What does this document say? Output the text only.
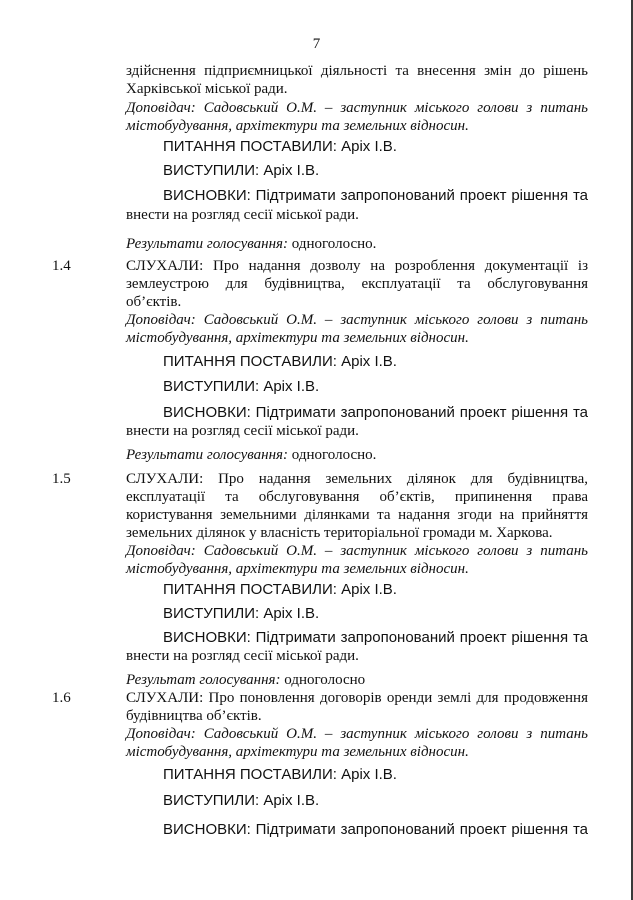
7
здійснення підприємницької діяльності та внесення змін до рішень
Харківської міської ради.
Доповідач: Садовський О.М. – заступник міського голови з питань
містобудування, архітектури та земельних відносин.
ПИТАННЯ ПОСТАВИЛИ: Аріх І.В.
ВИСТУПИЛИ: Аріх І.В.
ВИСНОВКИ: Підтримати запропонований проект рішення та
внести на розгляд сесії міської ради.
Результати голосування: одноголосно.
1.4	СЛУХАЛИ: Про надання дозволу на розроблення документації із
землеустрою для будівництва, експлуатації та обслуговування
об’єктів.
Доповідач: Садовський О.М. – заступник міського голови з питань
містобудування, архітектури та земельних відносин.
ПИТАННЯ ПОСТАВИЛИ: Аріх І.В.
ВИСТУПИЛИ: Аріх І.В.
ВИСНОВКИ: Підтримати запропонований проект рішення та
внести на розгляд сесії міської ради.
Результати голосування: одноголосно.
1.5	СЛУХАЛИ: Про надання земельних ділянок для будівництва,
експлуатації та обслуговування об’єктів, припинення права
користування земельними ділянками та надання згоди на прийняття
земельних ділянок у власність територіальної громади м. Харкова.
Доповідач: Садовський О.М. – заступник міського голови з питань
містобудування, архітектури та земельних відносин.
ПИТАННЯ ПОСТАВИЛИ: Аріх І.В.
ВИСТУПИЛИ: Аріх І.В.
ВИСНОВКИ: Підтримати запропонований проект рішення та
внести на розгляд сесії міської ради.
Результат голосування: одноголосно
1.6	СЛУХАЛИ: Про поновлення договорів оренди землі для продовження
будівництва об’єктів.
Доповідач: Садовський О.М. – заступник міського голови з питань
містобудування, архітектури та земельних відносин.
ПИТАННЯ ПОСТАВИЛИ: Аріх І.В.
ВИСТУПИЛИ: Аріх І.В.
ВИСНОВКИ: Підтримати запропонований проект рішення та
